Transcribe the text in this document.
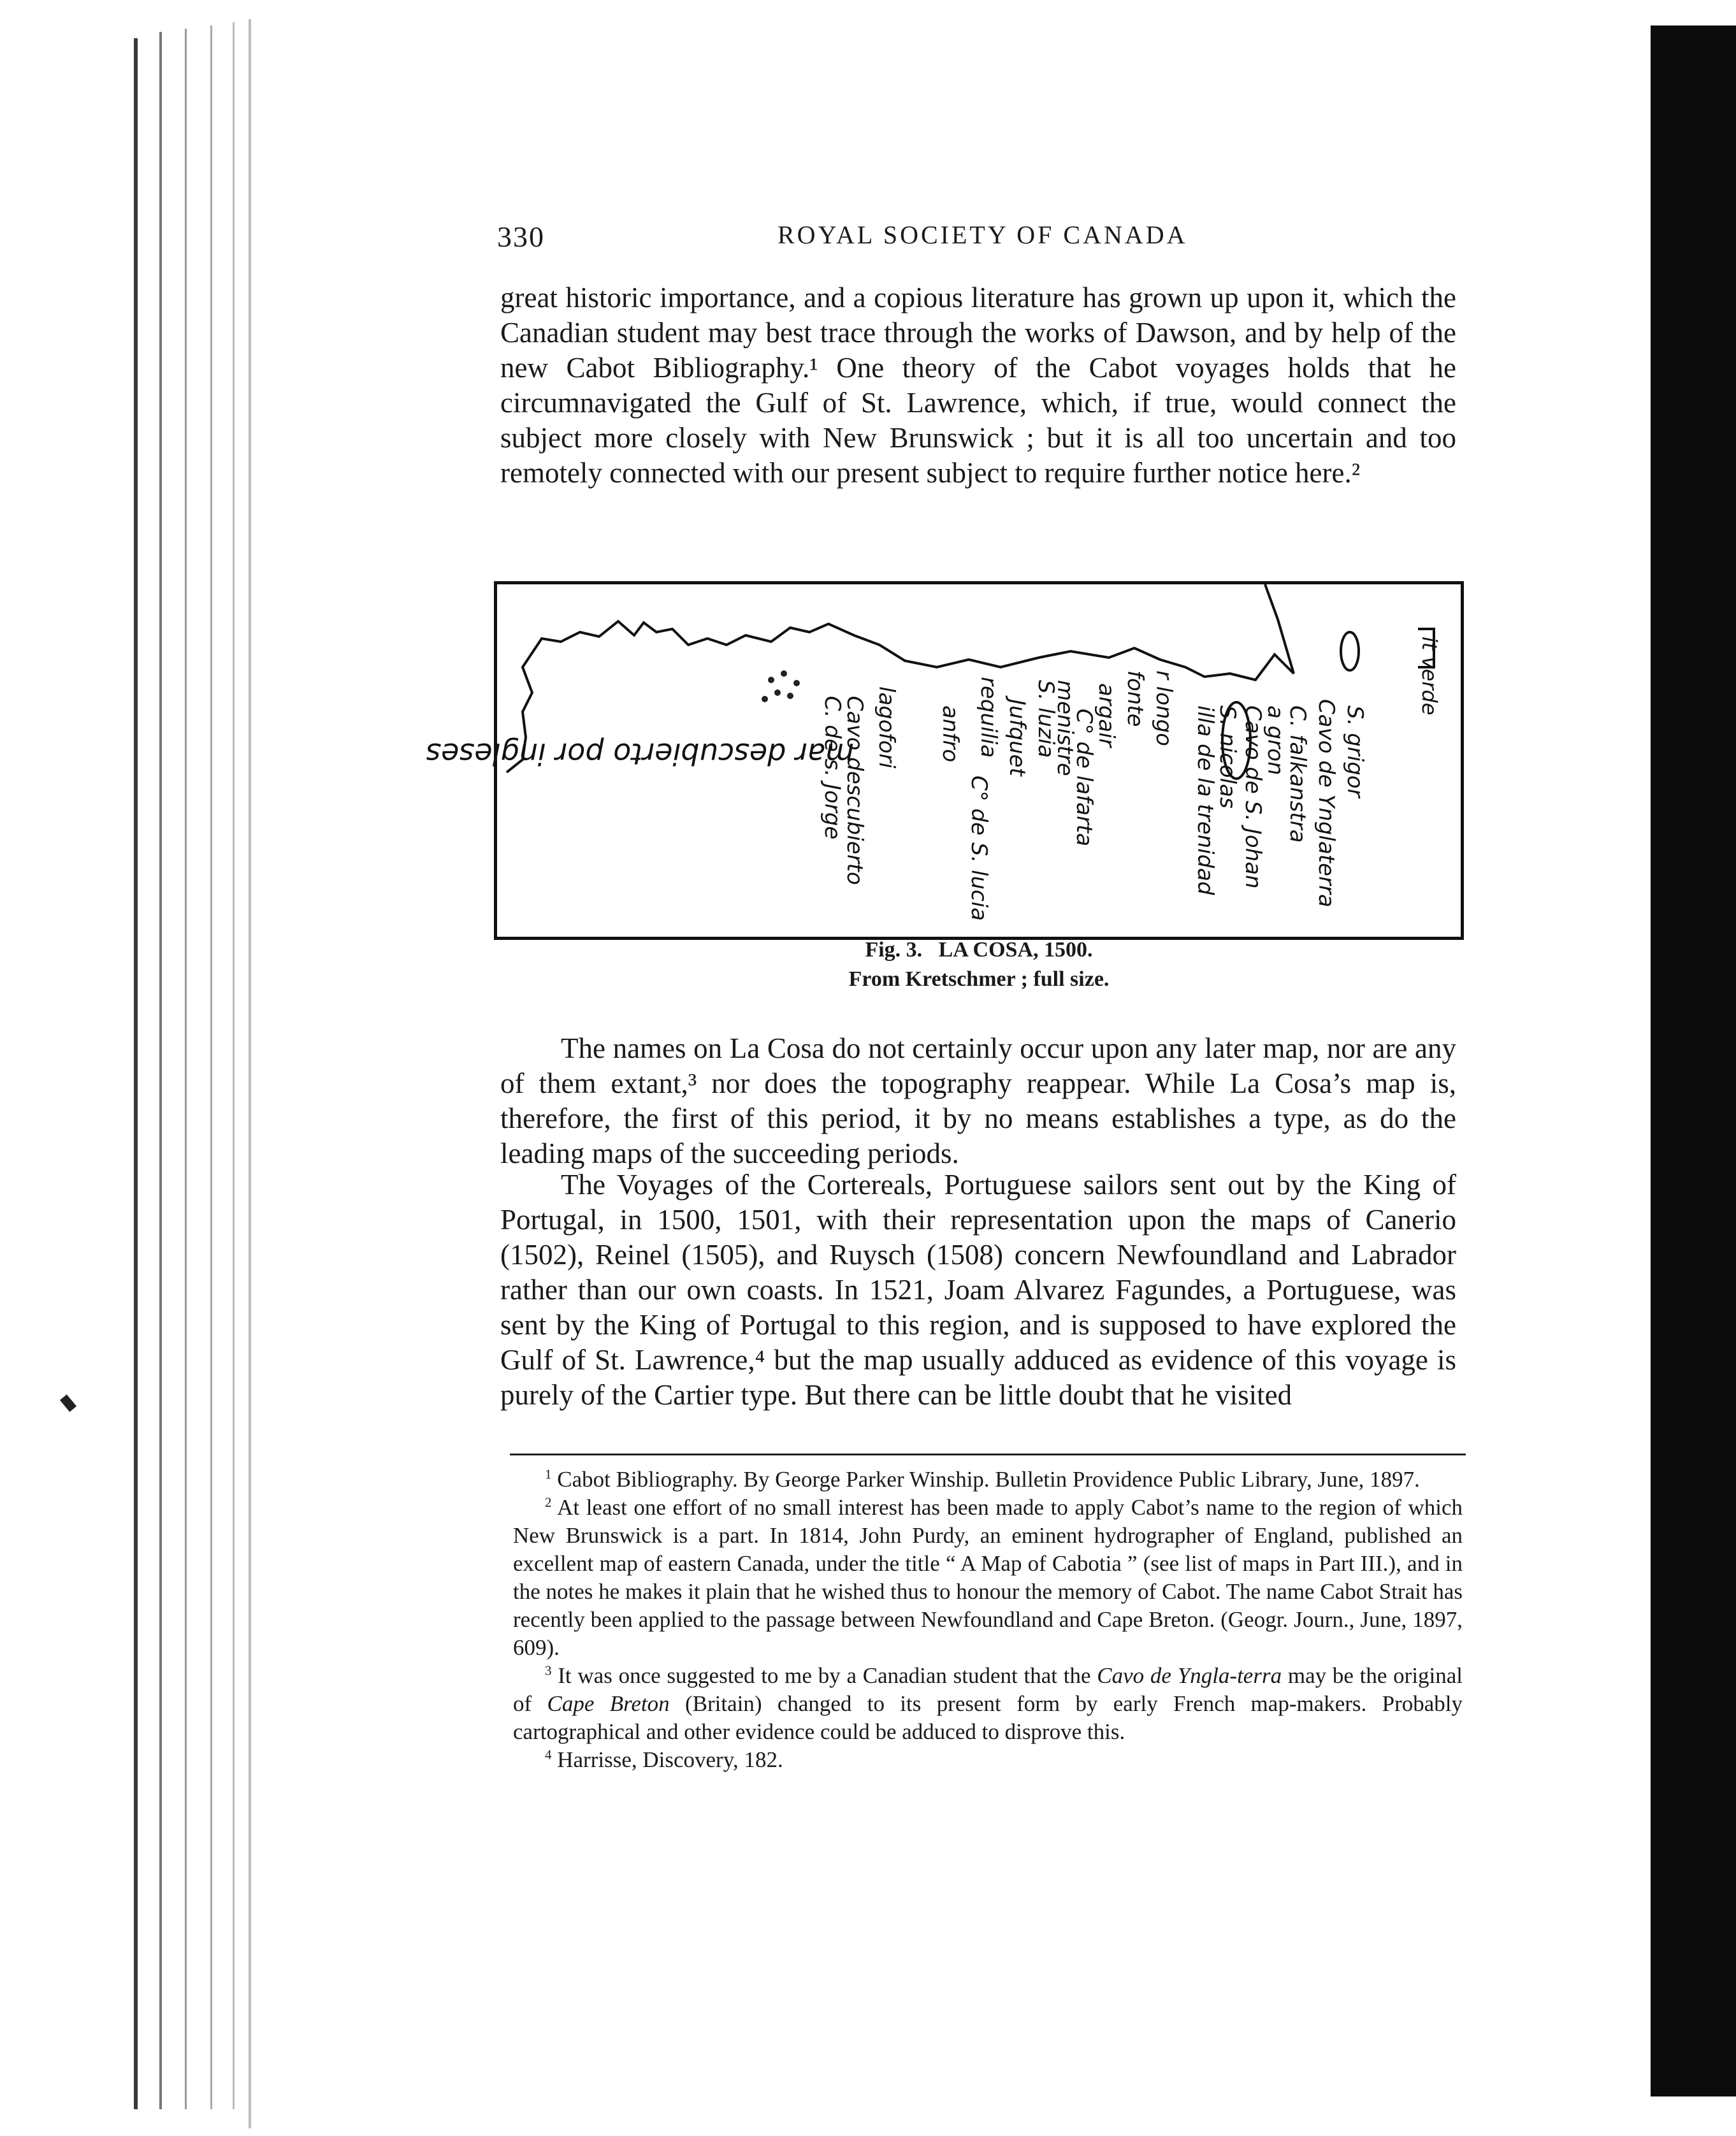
330	ROYAL SOCIETY OF CANADA
great historic importance, and a copious literature has grown up upon it, which the Canadian student may best trace through the works of Dawson, and by help of the new Cabot Bibliography.¹ One theory of the Cabot voyages holds that he circumnavigated the Gulf of St. Lawrence, which, if true, would connect the subject more closely with New Brunswick ; but it is all too uncertain and too remotely connected with our present subject to require further notice here.²
mar descubierto por ingleses
C. de s. Jorge
Cavo descubierto lagofori anfro requilia Jufquet
C° de S. lucia
S. luzia
menistre
C° de lafarta
argair fonte r longo illa de la trenidad
S. nicolas Cavo de S. Johan
a gron
C. falkanstra Cavo de Ynglaterra S. grigor
it verde
Fig. 3.   LA COSA, 1500.
From Kretschmer ; full size.
The names on La Cosa do not certainly occur upon any later map, nor are any of them extant,³ nor does the topography reappear. While La Cosa’s map is, therefore, the first of this period, it by no means establishes a type, as do the leading maps of the succeeding periods.
The Voyages of the Cortereals, Portuguese sailors sent out by the King of Portugal, in 1500, 1501, with their representation upon the maps of Canerio (1502), Reinel (1505), and Ruysch (1508) concern Newfoundland and Labrador rather than our own coasts. In 1521, Joam Alvarez Fagundes, a Portuguese, was sent by the King of Portugal to this region, and is supposed to have explored the Gulf of St. Lawrence,⁴ but the map usually adduced as evidence of this voyage is purely of the Cartier type. But there can be little doubt that he visited

$^1$ Cabot Bibliography. By George Parker Winship. Bulletin Providence Public Library, June, 1897.

$^2$ At least one effort of no small interest has been made to apply Cabot’s name to the region of which New Brunswick is a part. In 1814, John Purdy, an eminent hydrographer of England, published an excellent map of eastern Canada, under the title “ A Map of Cabotia ” (see list of maps in Part III.), and in the notes he makes it plain that he wished thus to honour the memory of Cabot. The name Cabot Strait has recently been applied to the passage between Newfoundland and Cape Breton. (Geogr. Journ., June, 1897, 609).

$^3$ It was once suggested to me by a Canadian student that the Cavo de Yngla-terra may be the original of Cape Breton (Britain) changed to its present form by early French map-makers. Probably cartographical and other evidence could be adduced to disprove this.

$^4$ Harrisse, Discovery, 182.
